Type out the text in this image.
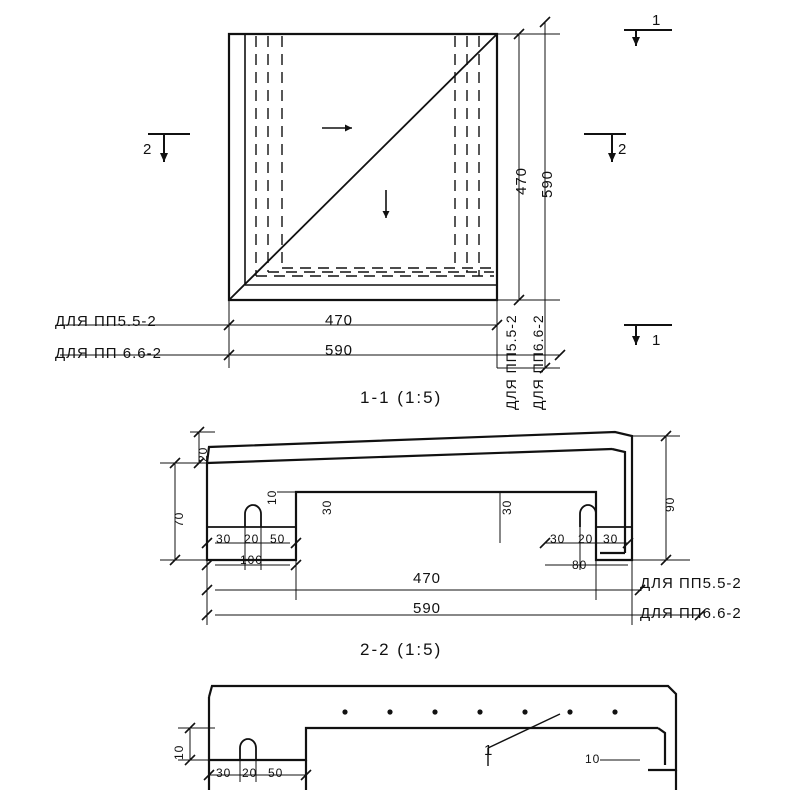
470
590
ДЛЯ ПП5.5-2
ДЛЯ ПП 6.6-2
470 590
ДЛЯ ПП5.5-2 ДЛЯ ПП6.6-2
1-1 (1:5)
1
1
2	2
20
70
90
10
30	30
30 20 50	30 20 30
100	80
470
590
ДЛЯ ПП5.5-2
ДЛЯ ПП6.6-2
2-2 (1:5)
10	10
30 20 50
1
